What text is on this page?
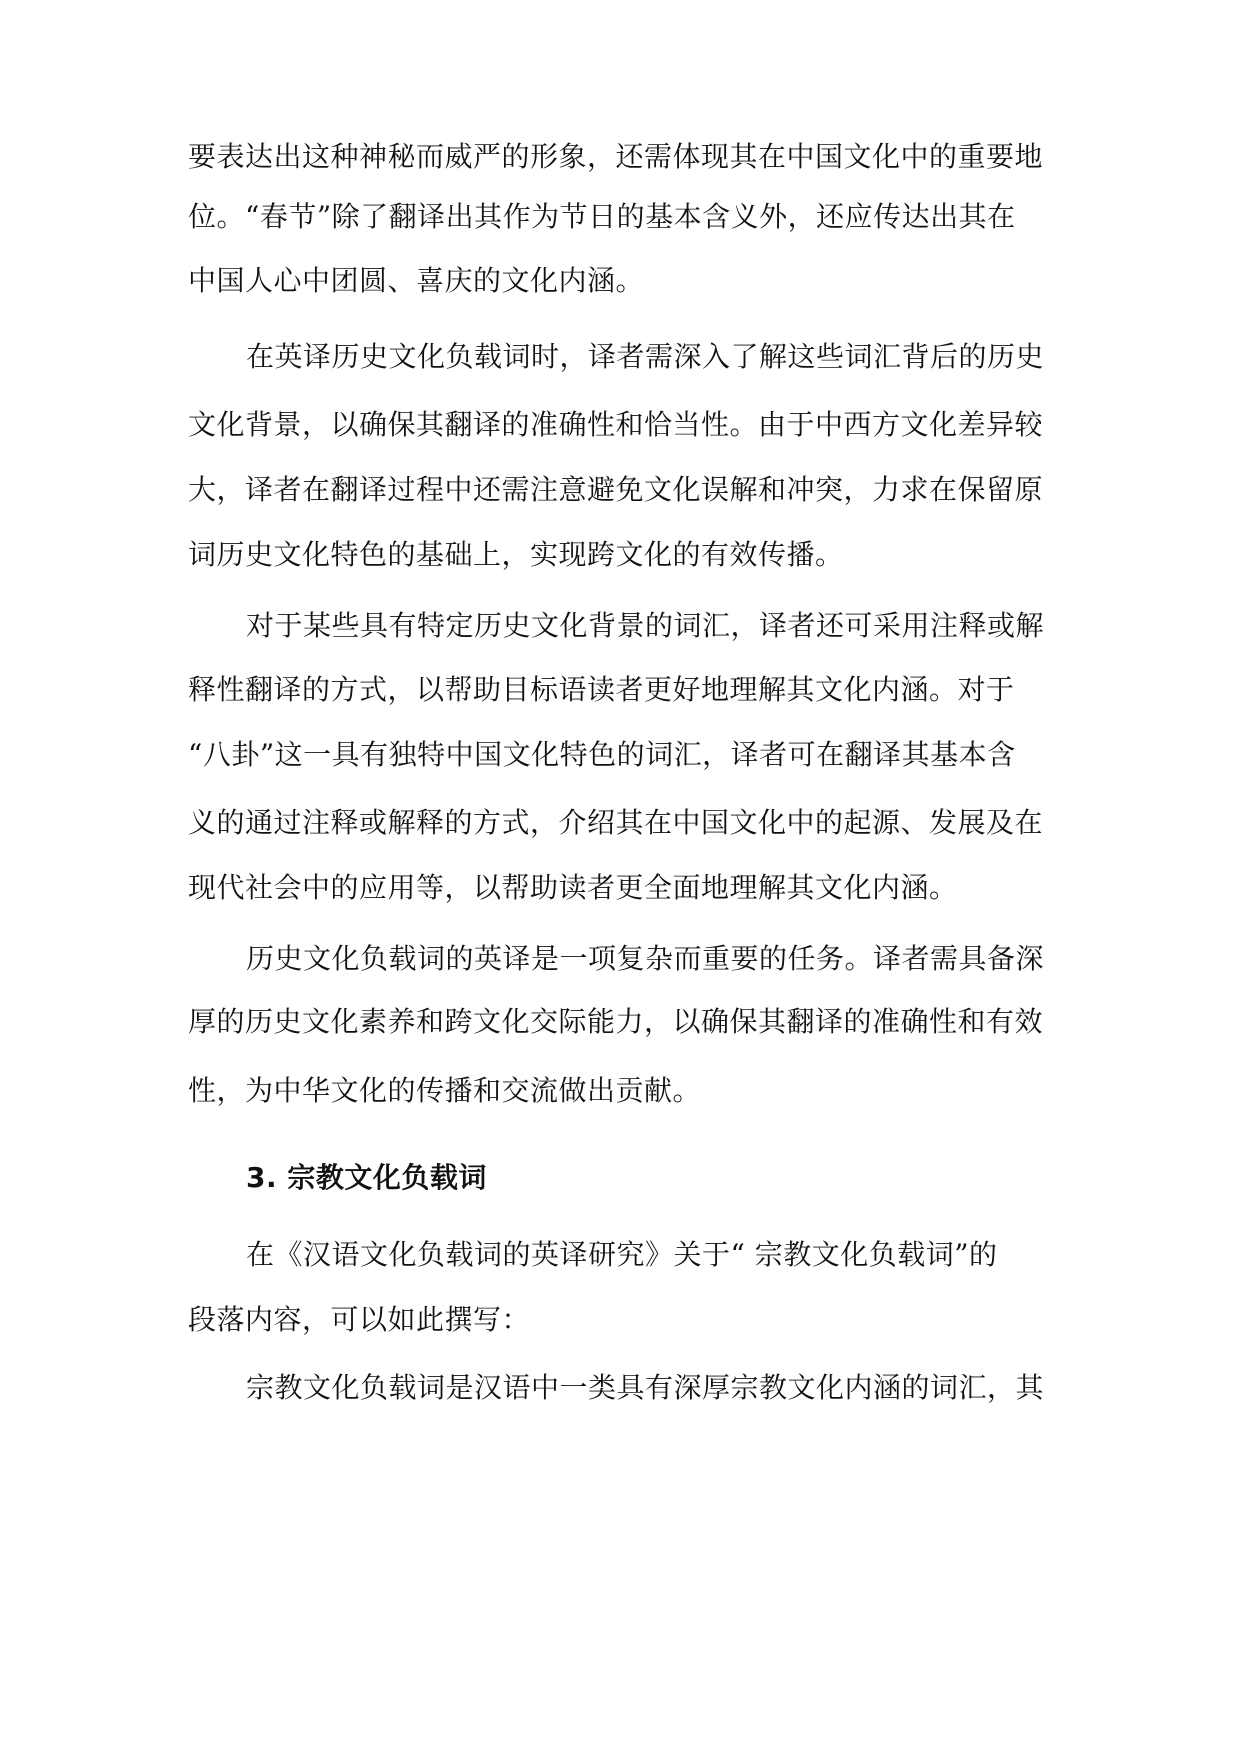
要表达出这种神秘而威严的形象，还需体现其在中国文化中的重要地
位。“春节”除了翻译出其作为节日的基本含义外，还应传达出其在
中国人心中团圆、喜庆的文化内涵。
在英译历史文化负载词时，译者需深入了解这些词汇背后的历史
文化背景，以确保其翻译的准确性和恰当性。由于中西方文化差异较
大，译者在翻译过程中还需注意避免文化误解和冲突，力求在保留原
词历史文化特色的基础上，实现跨文化的有效传播。
对于某些具有特定历史文化背景的词汇，译者还可采用注释或解
释性翻译的方式，以帮助目标语读者更好地理解其文化内涵。对于
“八卦”这一具有独特中国文化特色的词汇，译者可在翻译其基本含
义的通过注释或解释的方式，介绍其在中国文化中的起源、发展及在
现代社会中的应用等，以帮助读者更全面地理解其文化内涵。
历史文化负载词的英译是一项复杂而重要的任务。译者需具备深
厚的历史文化素养和跨文化交际能力，以确保其翻译的准确性和有效
性，为中华文化的传播和交流做出贡献。
3. 宗教文化负载词
在《汉语文化负载词的英译研究》关于“ 宗教文化负载词”的
段落内容，可以如此撰写：
宗教文化负载词是汉语中一类具有深厚宗教文化内涵的词汇，其
